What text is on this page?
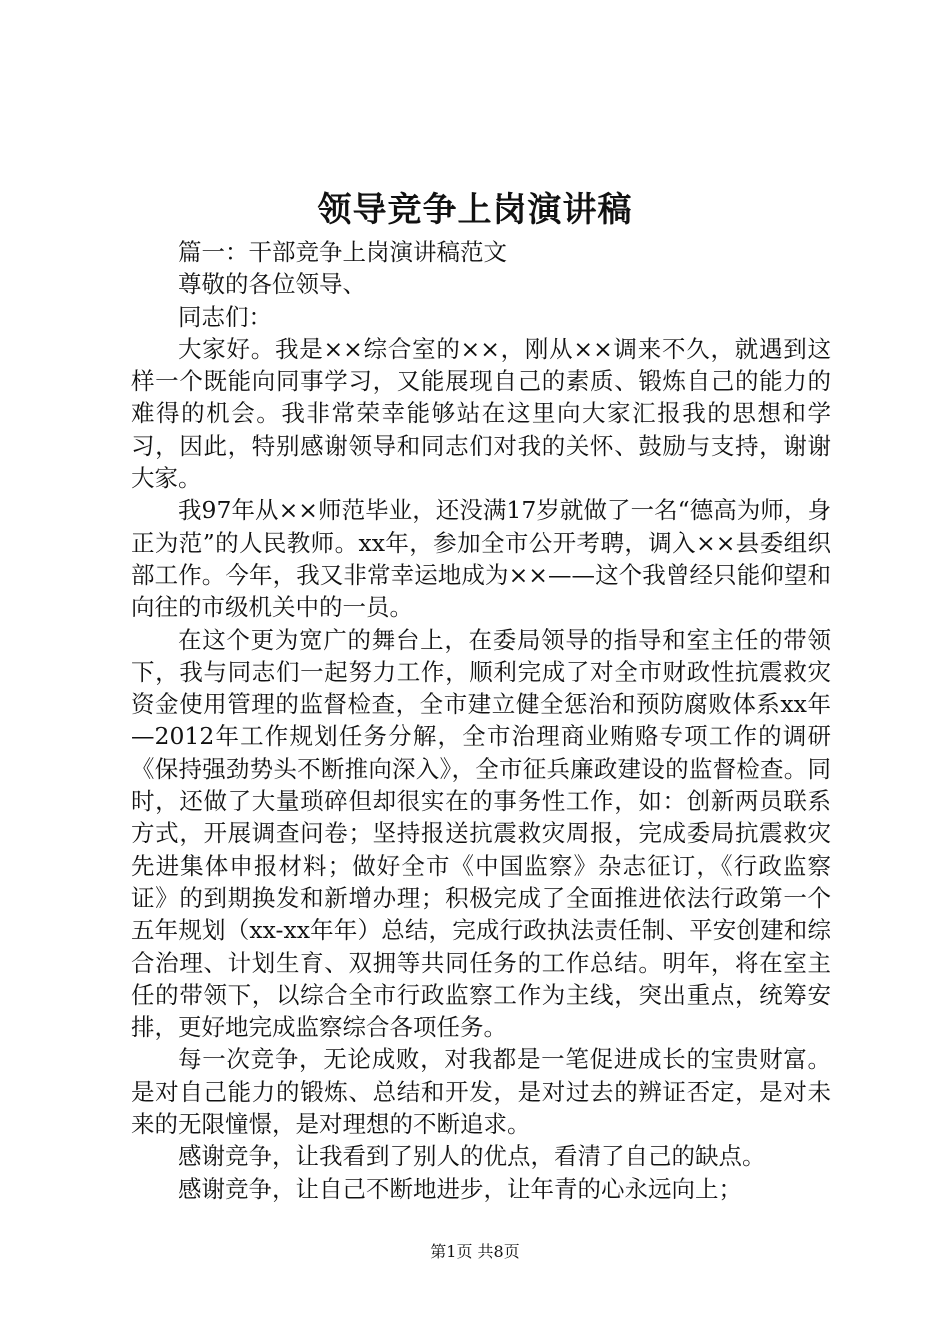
领导竞争上岗演讲稿

篇一：干部竞争上岗演讲稿范文

尊敬的各位领导、

同志们：

大家好。我是××综合室的××，刚从××调来不久，就遇到这样一个既能向同事学习，又能展现自己的素质、锻炼自己的能力的难得的机会。我非常荣幸能够站在这里向大家汇报我的思想和学习，因此，特别感谢领导和同志们对我的关怀、鼓励与支持，谢谢大家。

我97年从××师范毕业，还没满17岁就做了一名“德高为师，身正为范”的人民教师。xx年，参加全市公开考聘，调入××县委组织部工作。今年，我又非常幸运地成为××——这个我曾经只能仰望和向往的市级机关中的一员。

在这个更为宽广的舞台上，在委局领导的指导和室主任的带领下，我与同志们一起努力工作，顺利完成了对全市财政性抗震救灾资金使用管理的监督检查，全市建立健全惩治和预防腐败体系xx年—2012年工作规划任务分解，全市治理商业贿赂专项工作的调研《保持强劲势头不断推向深入》，全市征兵廉政建设的监督检查。同时，还做了大量琐碎但却很实在的事务性工作，如：创新两员联系方式，开展调查问卷；坚持报送抗震救灾周报，完成委局抗震救灾先进集体申报材料；做好全市《中国监察》杂志征订，《行政监察证》的到期换发和新增办理；积极完成了全面推进依法行政第一个五年规划（xx-xx年年）总结，完成行政执法责任制、平安创建和综合治理、计划生育、双拥等共同任务的工作总结。明年，将在室主任的带领下，以综合全市行政监察工作为主线，突出重点，统筹安排，更好地完成监察综合各项任务。

每一次竞争，无论成败，对我都是一笔促进成长的宝贵财富。是对自己能力的锻炼、总结和开发，是对过去的辨证否定，是对未来的无限憧憬，是对理想的不断追求。

感谢竞争，让我看到了别人的优点，看清了自己的缺点。

感谢竞争，让自己不断地进步，让年青的心永远向上；

第1页 共8页
